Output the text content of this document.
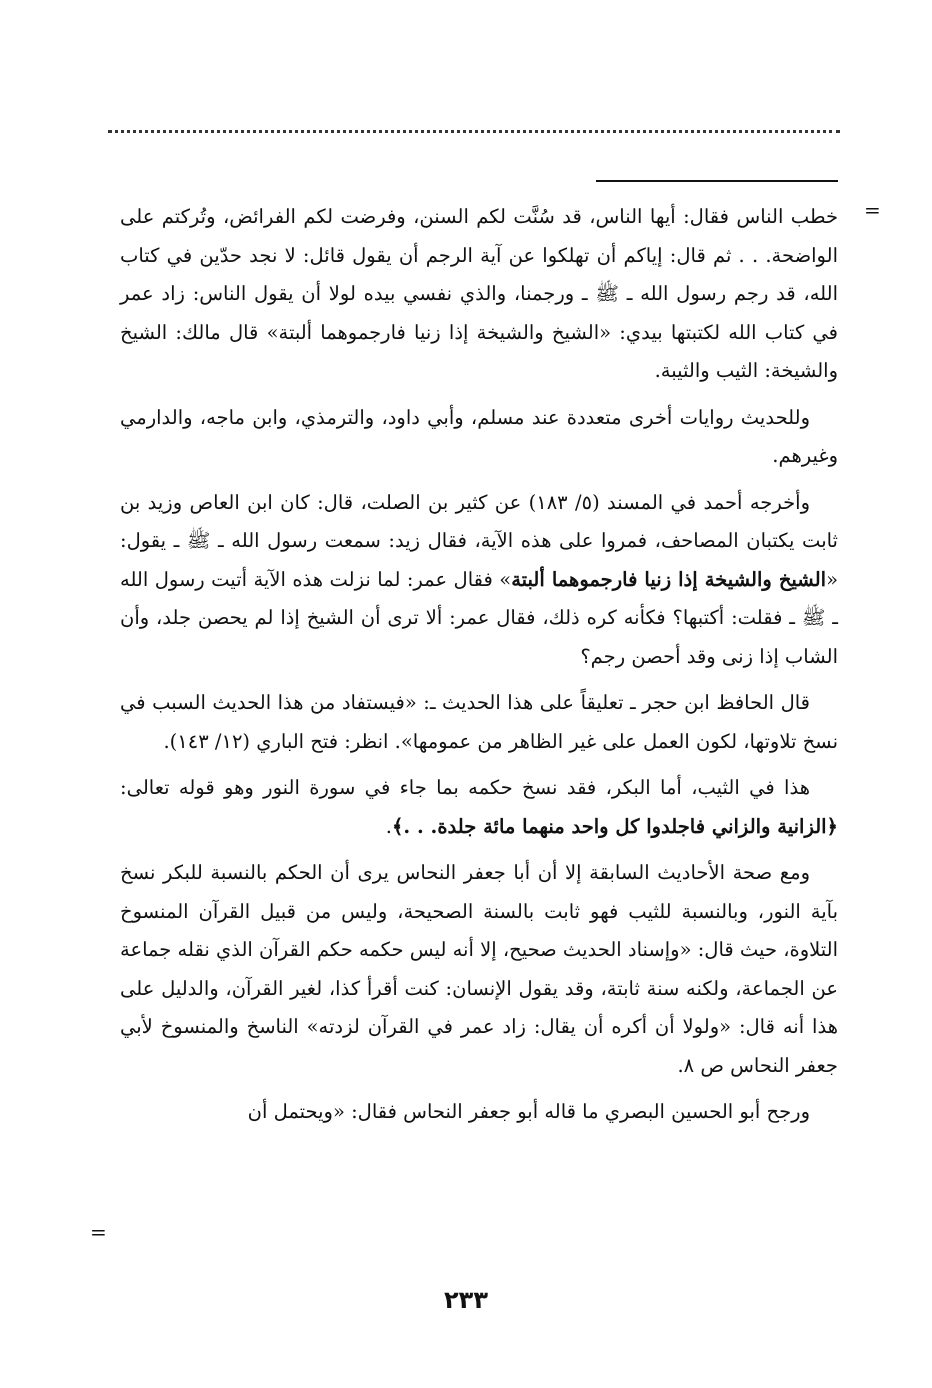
=

خطب الناس فقال: أيها الناس، قد سُنَّت لكم السنن، وفرضت لكم الفرائض، وتُركتم على الواضحة. . . ثم قال: إياكم أن تهلكوا عن آية الرجم أن يقول قائل: لا نجد حدّين في كتاب الله، قد رجم رسول الله ـ ﷺ ـ ورجمنا، والذي نفسي بيده لولا أن يقول الناس: زاد عمر في كتاب الله لكتبتها بيدي: «الشيخ والشيخة إذا زنيا فارجموهما ألبتة» قال مالك: الشيخ والشيخة: الثيب والثيبة.

وللحديث روايات أخرى متعددة عند مسلم، وأبي داود، والترمذي، وابن ماجه، والدارمي وغيرهم.

وأخرجه أحمد في المسند (٥/ ١٨٣) عن كثير بن الصلت، قال: كان ابن العاص وزيد بن ثابت يكتبان المصاحف، فمروا على هذه الآية، فقال زيد: سمعت رسول الله ـ ﷺ ـ يقول: «الشيخ والشيخة إذا زنيا فارجموهما ألبتة» فقال عمر: لما نزلت هذه الآية أتيت رسول الله ـ ﷺ ـ فقلت: أكتبها؟ فكأنه كره ذلك، فقال عمر: ألا ترى أن الشيخ إذا لم يحصن جلد، وأن الشاب إذا زنى وقد أحصن رجم؟

قال الحافظ ابن حجر ـ تعليقاً على هذا الحديث ـ: «فيستفاد من هذا الحديث السبب في نسخ تلاوتها، لكون العمل على غير الظاهر من عمومها». انظر: فتح الباري (١٢/ ١٤٣).

هذا في الثيب، أما البكر، فقد نسخ حكمه بما جاء في سورة النور وهو قوله تعالى: ﴿الزانية والزاني فاجلدوا كل واحد منهما مائة جلدة. . .﴾.

ومع صحة الأحاديث السابقة إلا أن أبا جعفر النحاس يرى أن الحكم بالنسبة للبكر نسخ بآية النور، وبالنسبة للثيب فهو ثابت بالسنة الصحيحة، وليس من قبيل القرآن المنسوخ التلاوة، حيث قال: «وإسناد الحديث صحيح، إلا أنه ليس حكمه حكم القرآن الذي نقله جماعة عن الجماعة، ولكنه سنة ثابتة، وقد يقول الإنسان: كنت أقرأ كذا، لغير القرآن، والدليل على هذا أنه قال: «ولولا أن أكره أن يقال: زاد عمر في القرآن لزدته» الناسخ والمنسوخ لأبي جعفر النحاس ص ٨.

ورجح أبو الحسين البصري ما قاله أبو جعفر النحاس فقال: «ويحتمل أن

=
٢٣٣
